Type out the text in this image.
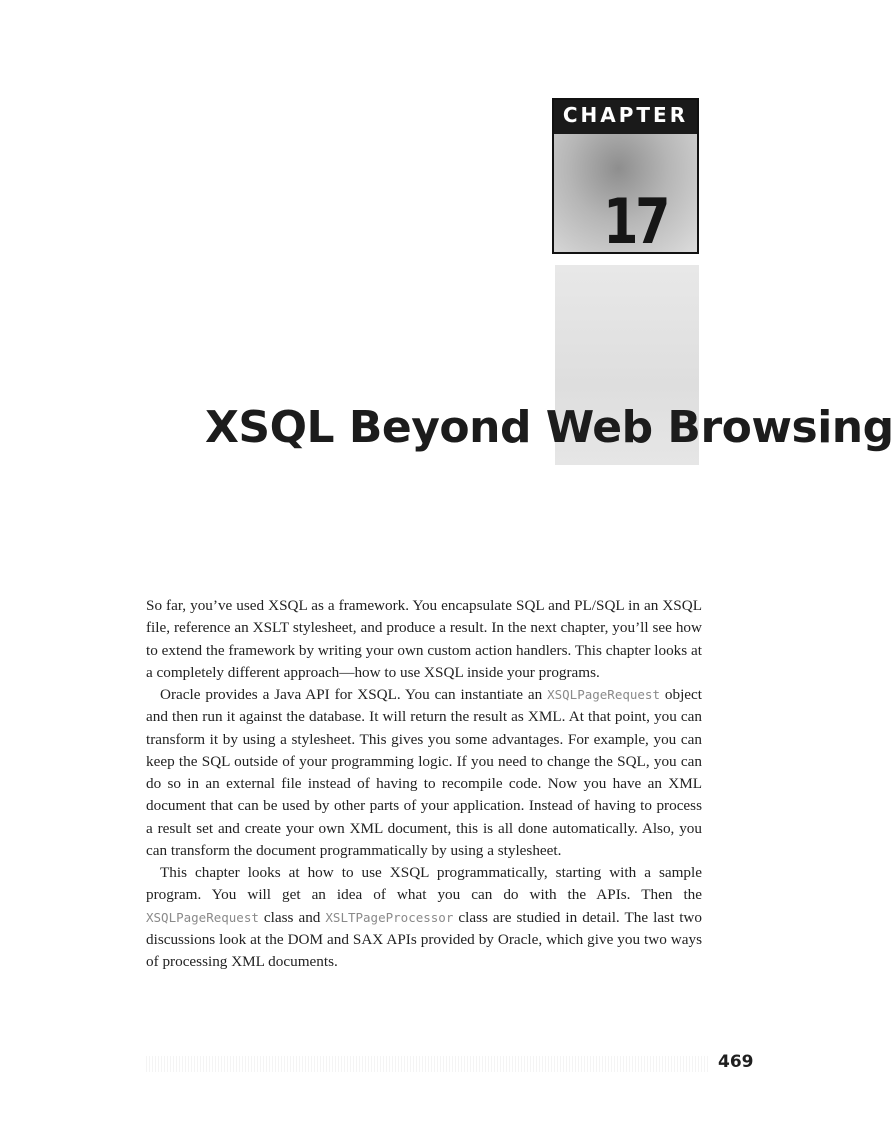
CHAPTER
17
XSQL Beyond Web Browsing

So far, you’ve used XSQL as a framework. You encapsulate SQL and PL/SQL in an XSQL file, reference an XSLT stylesheet, and produce a result. In the next chapter, you’ll see how to extend the framework by writing your own custom action handlers. This chapter looks at a completely different approach—how to use XSQL inside your programs.

Oracle provides a Java API for XSQL. You can instantiate an XSQLPageRequest object and then run it against the database. It will return the result as XML. At that point, you can transform it by using a stylesheet. This gives you some advantages. For example, you can keep the SQL outside of your programming logic. If you need to change the SQL, you can do so in an external file instead of having to recompile code. Now you have an XML document that can be used by other parts of your application. Instead of having to process a result set and create your own XML document, this is all done automatically. Also, you can transform the document programmatically by using a stylesheet.

This chapter looks at how to use XSQL programmatically, starting with a sample program. You will get an idea of what you can do with the APIs. Then the XSQLPageRequest class and XSLTPageProcessor class are studied in detail. The last two discussions look at the DOM and SAX APIs provided by Oracle, which give you two ways of processing XML documents.

469
